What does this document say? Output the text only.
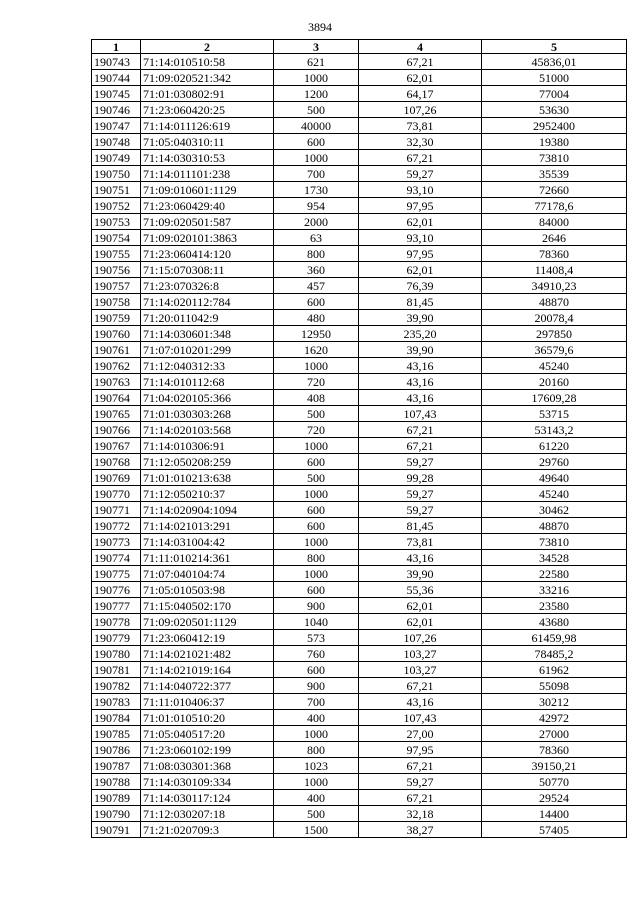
3894
1	2	3	4	5
190743	71:14:010510:58	621	67,21	45836,01
190744	71:09:020521:342	1000	62,01	51000
190745	71:01:030802:91	1200	64,17	77004
190746	71:23:060420:25	500	107,26	53630
190747	71:14:011126:619	40000	73,81	2952400
190748	71:05:040310:11	600	32,30	19380
190749	71:14:030310:53	1000	67,21	73810
190750	71:14:011101:238	700	59,27	35539
190751	71:09:010601:1129	1730	93,10	72660
190752	71:23:060429:40	954	97,95	77178,6
190753	71:09:020501:587	2000	62,01	84000
190754	71:09:020101:3863	63	93,10	2646
190755	71:23:060414:120	800	97,95	78360
190756	71:15:070308:11	360	62,01	11408,4
190757	71:23:070326:8	457	76,39	34910,23
190758	71:14:020112:784	600	81,45	48870
190759	71:20:011042:9	480	39,90	20078,4
190760	71:14:030601:348	12950	235,20	297850
190761	71:07:010201:299	1620	39,90	36579,6
190762	71:12:040312:33	1000	43,16	45240
190763	71:14:010112:68	720	43,16	20160
190764	71:04:020105:366	408	43,16	17609,28
190765	71:01:030303:268	500	107,43	53715
190766	71:14:020103:568	720	67,21	53143,2
190767	71:14:010306:91	1000	67,21	61220
190768	71:12:050208:259	600	59,27	29760
190769	71:01:010213:638	500	99,28	49640
190770	71:12:050210:37	1000	59,27	45240
190771	71:14:020904:1094	600	59,27	30462
190772	71:14:021013:291	600	81,45	48870
190773	71:14:031004:42	1000	73,81	73810
190774	71:11:010214:361	800	43,16	34528
190775	71:07:040104:74	1000	39,90	22580
190776	71:05:010503:98	600	55,36	33216
190777	71:15:040502:170	900	62,01	23580
190778	71:09:020501:1129	1040	62,01	43680
190779	71:23:060412:19	573	107,26	61459,98
190780	71:14:021021:482	760	103,27	78485,2
190781	71:14:021019:164	600	103,27	61962
190782	71:14:040722:377	900	67,21	55098
190783	71:11:010406:37	700	43,16	30212
190784	71:01:010510:20	400	107,43	42972
190785	71:05:040517:20	1000	27,00	27000
190786	71:23:060102:199	800	97,95	78360
190787	71:08:030301:368	1023	67,21	39150,21
190788	71:14:030109:334	1000	59,27	50770
190789	71:14:030117:124	400	67,21	29524
190790	71:12:030207:18	500	32,18	14400
190791	71:21:020709:3	1500	38,27	57405
